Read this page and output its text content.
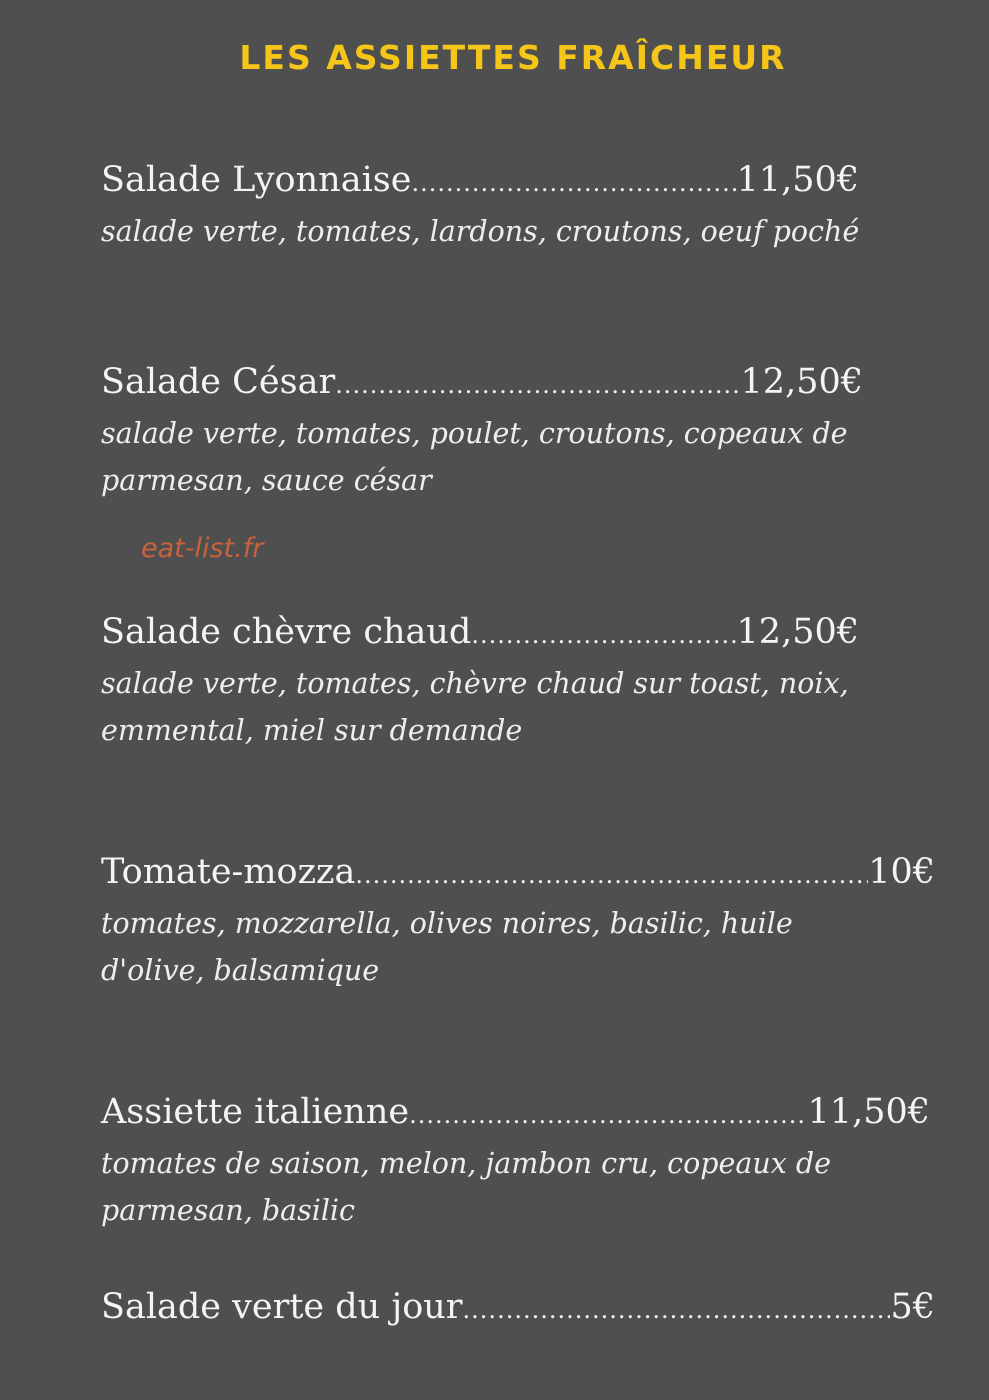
LES ASSIETTES FRAÎCHEUR
Salade Lyonnaise .....	11,50€
salade verte, tomates, lardons, croutons, oeuf poché
Salade César .....	12,50€
salade verte, tomates, poulet, croutons, copeaux de parmesan, sauce césar
eat-list.fr
Salade chèvre chaud .....	12,50€
salade verte, tomates, chèvre chaud sur toast, noix, emmental, miel sur demande
Tomate-mozza .....	10€
tomates, mozzarella, olives noires, basilic, huile d'olive, balsamique
Assiette italienne .....	11,50€
tomates de saison, melon, jambon cru, copeaux de parmesan, basilic
Salade verte du jour .....	5€
